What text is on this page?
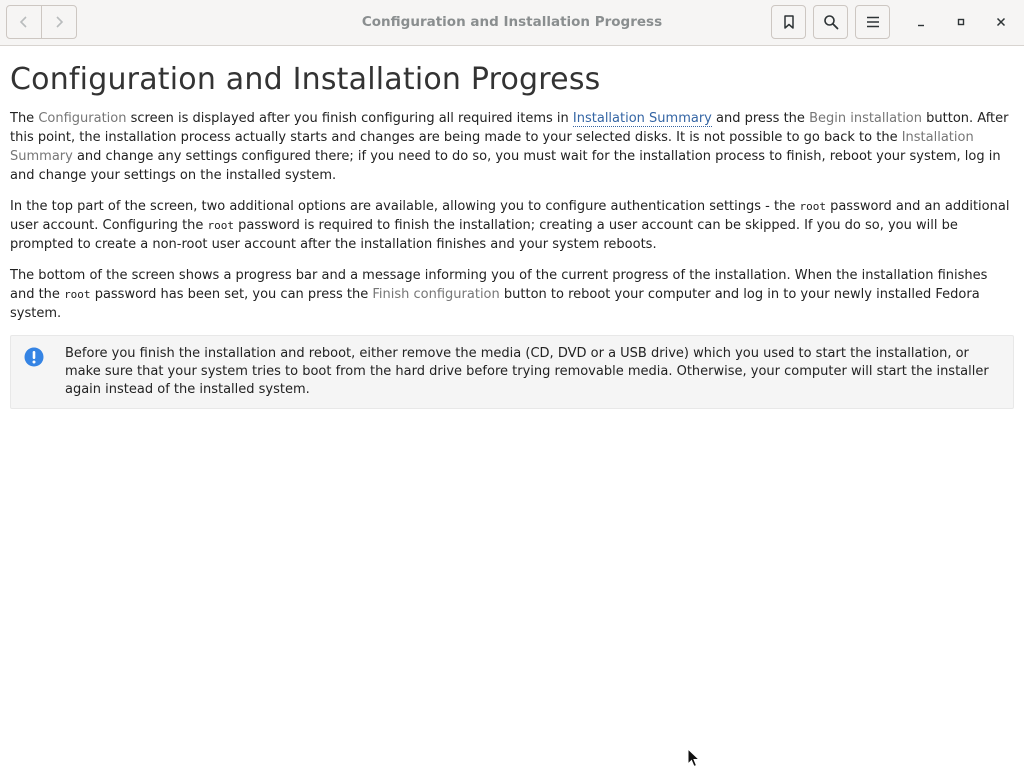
Configuration and Installation Progress
Configuration and Installation Progress

The Configuration screen is displayed after you finish configuring all required items in Installation Summary and press the Begin installation button. After this point, the installation process actually starts and changes are being made to your selected disks. It is not possible to go back to the Installation Summary and change any settings configured there; if you need to do so, you must wait for the installation process to finish, reboot your system, log in and change your settings on the installed system.

In the top part of the screen, two additional options are available, allowing you to configure authentication settings - the root password and an additional user account. Configuring the root password is required to finish the installation; creating a user account can be skipped. If you do so, you will be prompted to create a non-root user account after the installation finishes and your system reboots.

The bottom of the screen shows a progress bar and a message informing you of the current progress of the installation. When the installation finishes and the root password has been set, you can press the Finish configuration button to reboot your computer and log in to your newly installed Fedora system.

Before you finish the installation and reboot, either remove the media (CD, DVD or a USB drive) which you used to start the installation, or make sure that your system tries to boot from the hard drive before trying removable media. Otherwise, your computer will start the installer again instead of the installed system.
